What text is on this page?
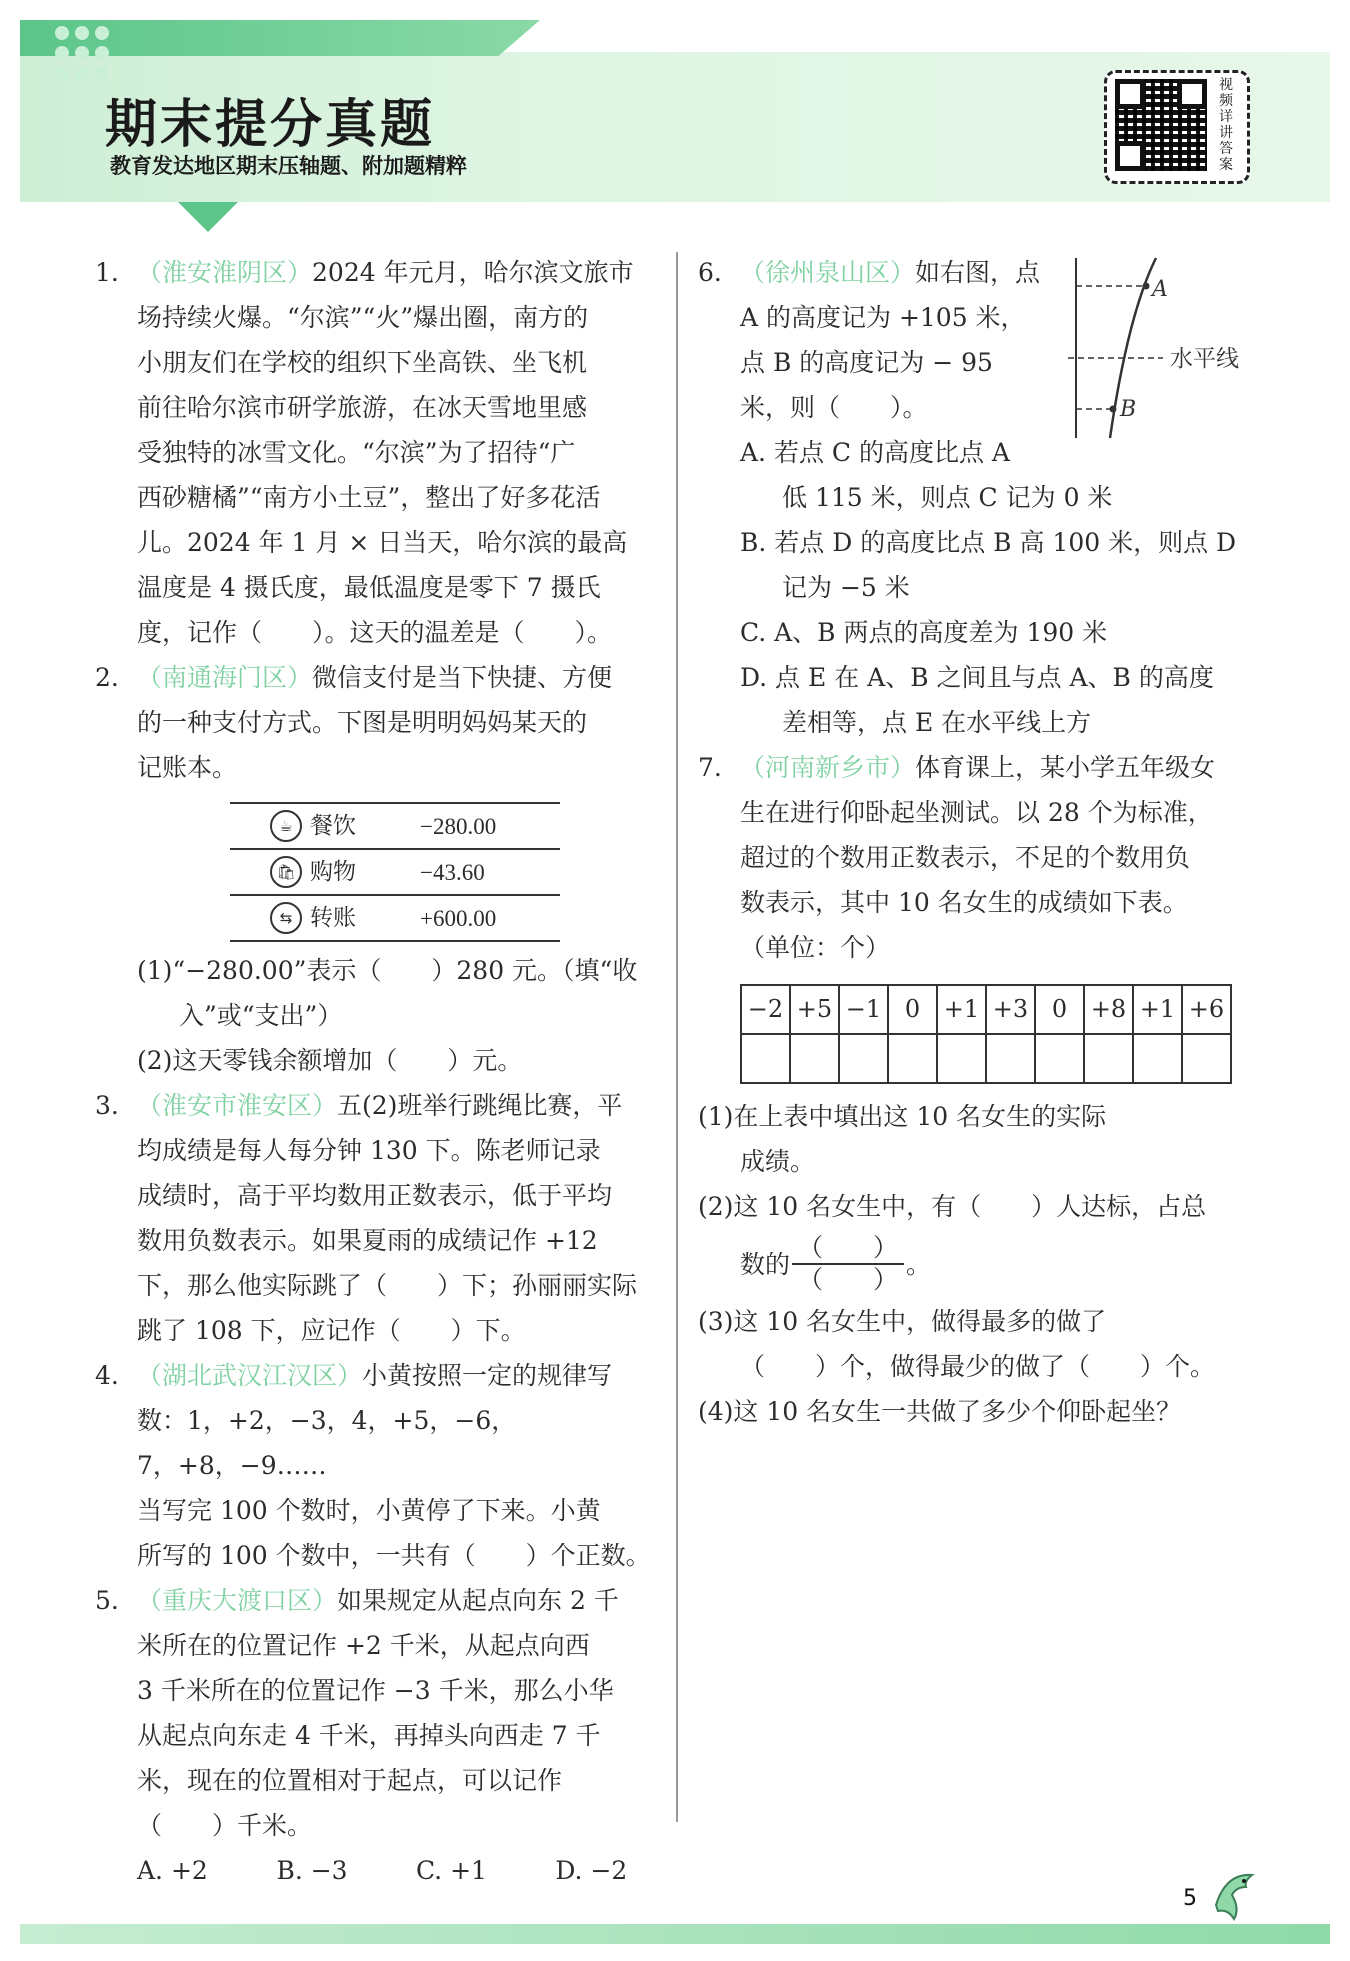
期末提分真题
教育发达地区期末压轴题、附加题精粹
视频详讲答案
1. （淮安淮阴区）2024 年元月，哈尔滨文旅市

场持续火爆。“尔滨”“火”爆出圈，南方的

小朋友们在学校的组织下坐高铁、坐飞机

前往哈尔滨市研学旅游，在冰天雪地里感

受独特的冰雪文化。“尔滨”为了招待“广

西砂糖橘”“南方小土豆”，整出了好多花活

儿。2024 年 1 月 × 日当天，哈尔滨的最高

温度是 4 摄氏度，最低温度是零下 7 摄氏

度，记作（　　）。这天的温差是（　　）。

2. （南通海门区）微信支付是当下快捷、方便

的一种支付方式。下图是明明妈妈某天的

记账本。

☕ 餐饮	−280.00
🛍 购物	−43.60
⇆ 转账	+600.00

(1)“−280.00”表示（　　）280 元。（填“收

入”或“支出”）

(2)这天零钱余额增加（　　）元。

3. （淮安市淮安区）五(2)班举行跳绳比赛，平

均成绩是每人每分钟 130 下。陈老师记录

成绩时，高于平均数用正数表示，低于平均

数用负数表示。如果夏雨的成绩记作 +12

下，那么他实际跳了（　　）下；孙丽丽实际

跳了 108 下，应记作（　　）下。

4. （湖北武汉江汉区）小黄按照一定的规律写

数：1，+2，−3，4，+5，−6，7，+8，−9……

当写完 100 个数时，小黄停了下来。小黄

所写的 100 个数中，一共有（　　）个正数。

5. （重庆大渡口区）如果规定从起点向东 2 千

米所在的位置记作 +2 千米，从起点向西

3 千米所在的位置记作 −3 千米，那么小华

从起点向东走 4 千米，再掉头向西走 7 千

米，现在的位置相对于起点，可以记作

（　　）千米。

A. +2	B. −3	C. +1	D. −2

6. （徐州泉山区）如右图，点

A 的高度记为 +105 米，

点 B 的高度记为 − 95

米，则（　　）。

A. 若点 C 的高度比点 A

低 115 米，则点 C 记为 0 米

B. 若点 D 的高度比点 B 高 100 米，则点 D

记为 −5 米

C. A、B 两点的高度差为 190 米

D. 点 E 在 A、B 之间且与点 A、B 的高度

差相等，点 E 在水平线上方

7. （河南新乡市）体育课上，某小学五年级女

生在进行仰卧起坐测试。以 28 个为标准，

超过的个数用正数表示，不足的个数用负

数表示，其中 10 名女生的成绩如下表。

（单位：个）

−2	+5	−1	0	+1	+3	0	+8	+1	+6

(1)在上表中填出这 10 名女生的实际

成绩。

(2)这 10 名女生中，有（　　）人达标，占总

数的
（　　）
（　　）
。

(3)这 10 名女生中，做得最多的做了

（　　）个，做得最少的做了（　　）个。

(4)这 10 名女生一共做了多少个仰卧起坐？

A
B
水平线
5
